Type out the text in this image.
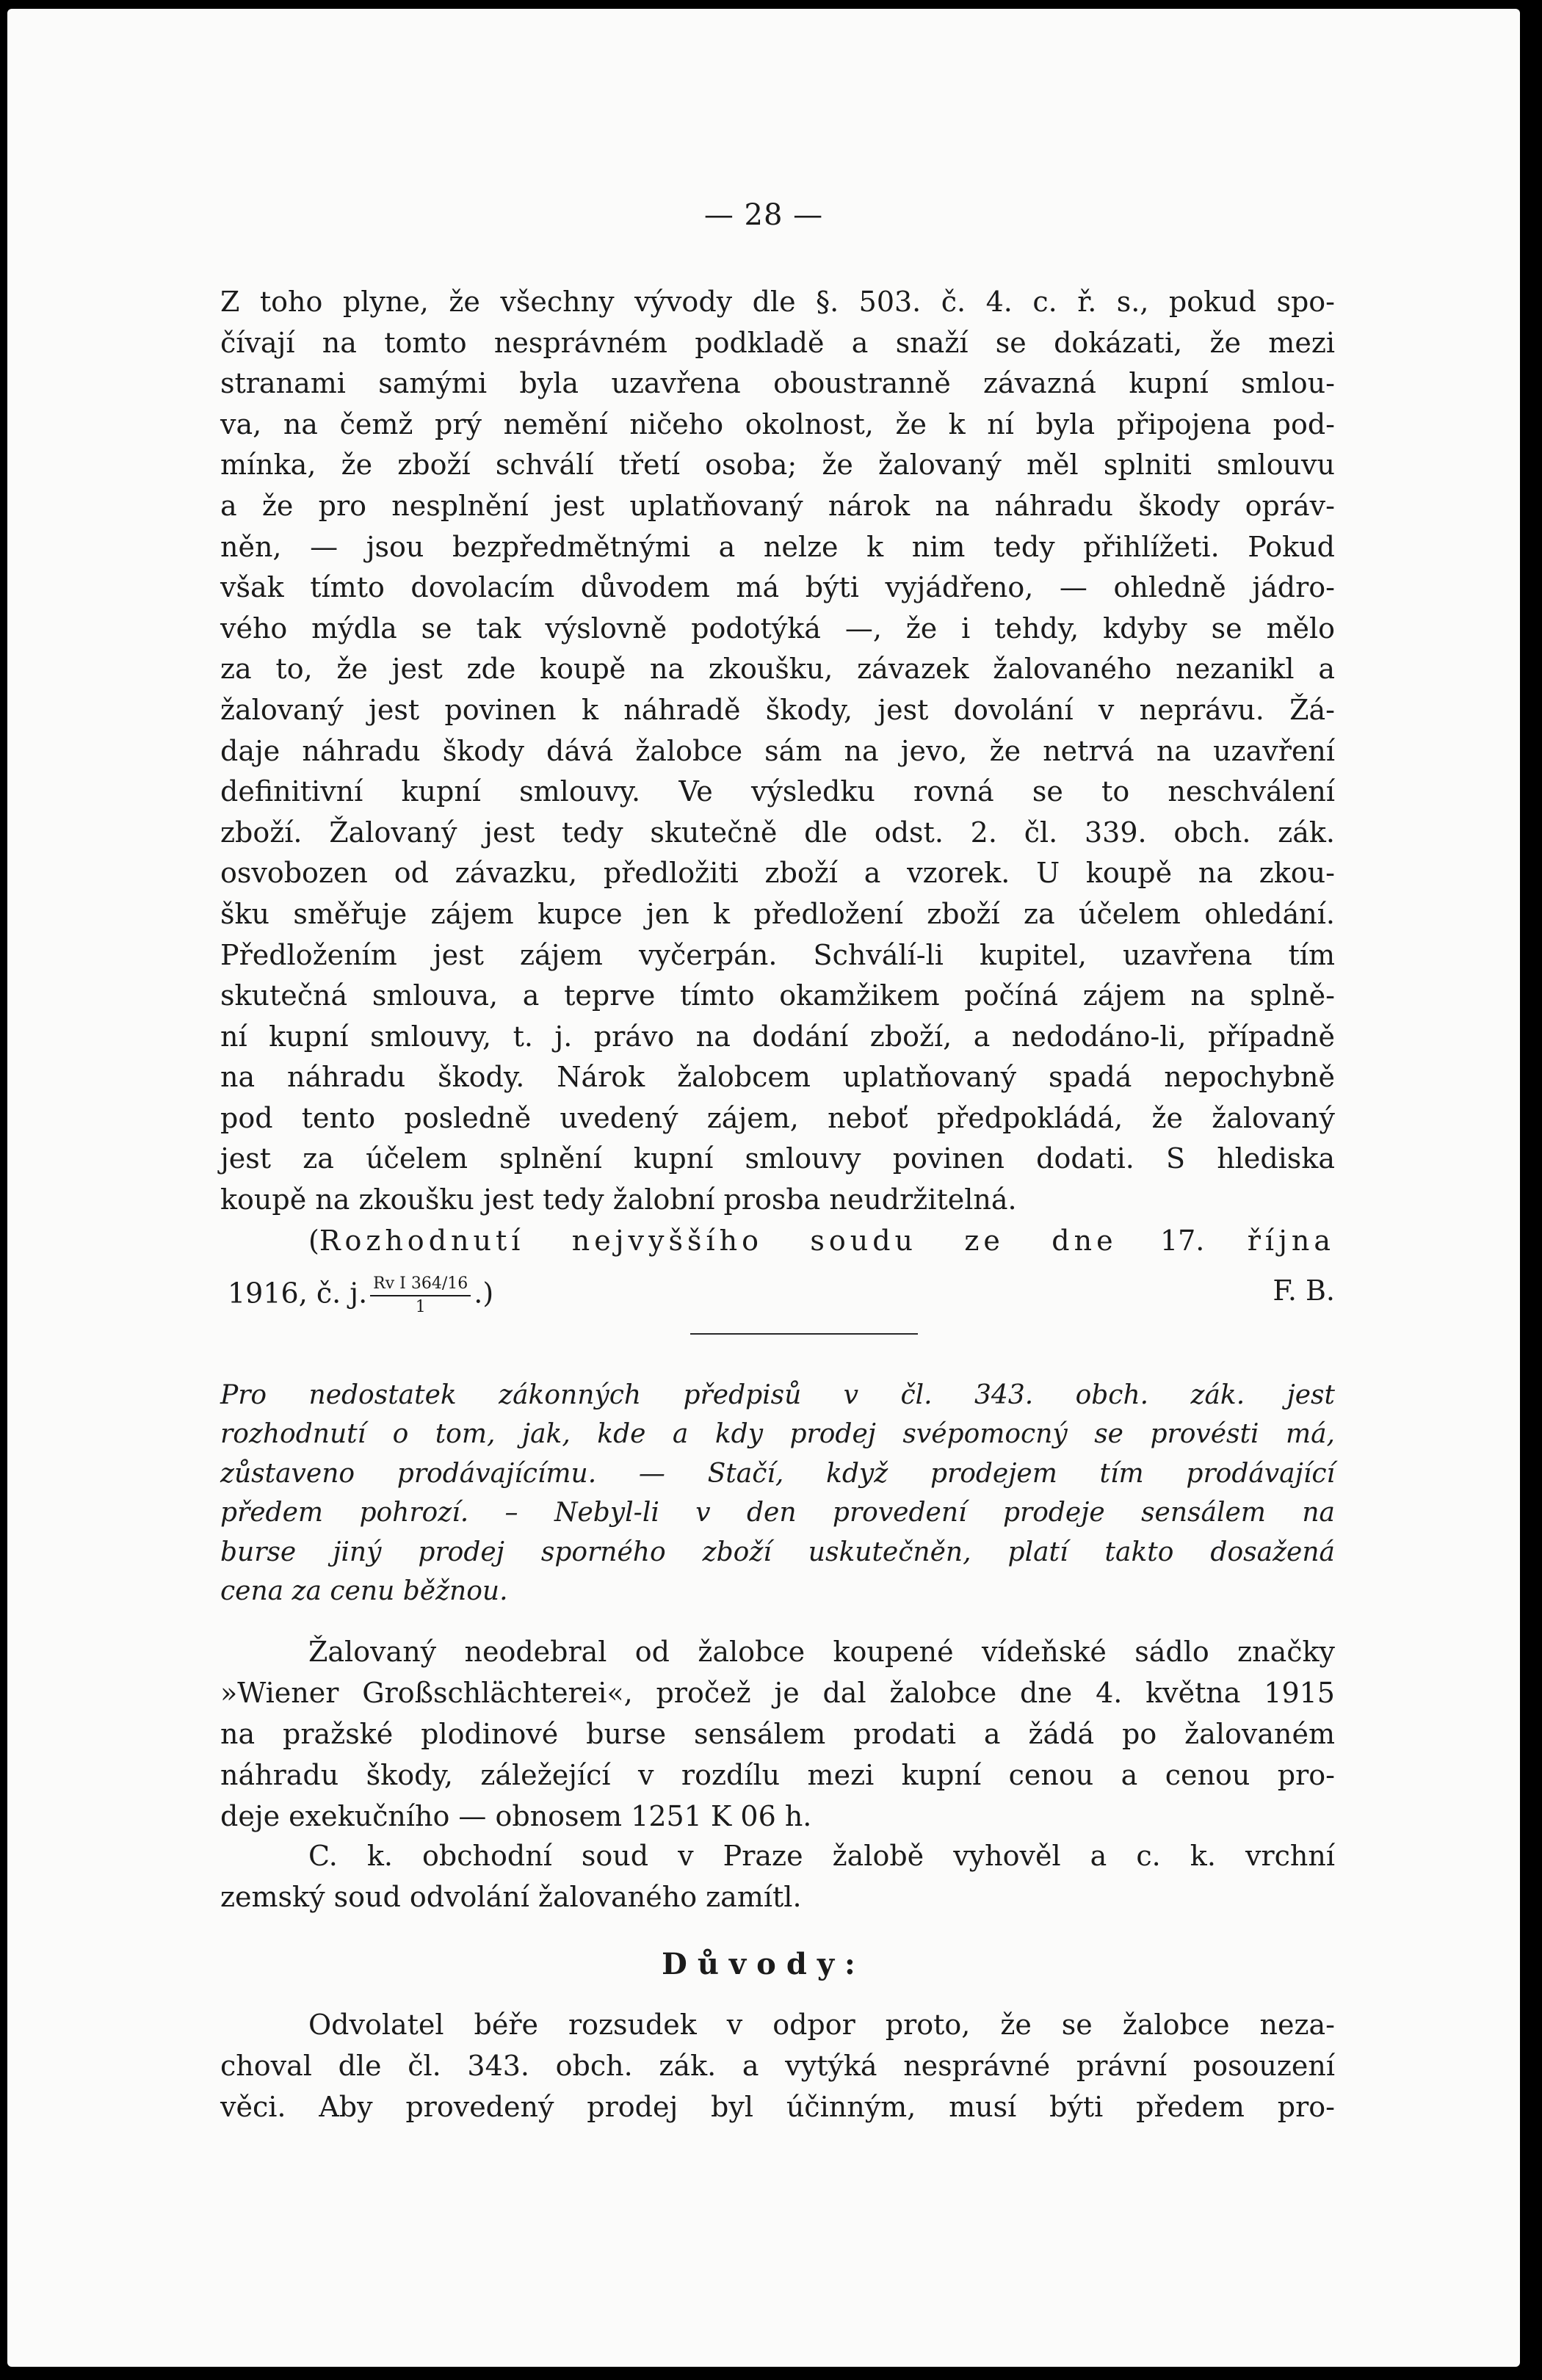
— 28 —
Z toho plyne, že všechny vývody dle §. 503. č. 4. c. ř. s., pokud spo-
čívají na tomto nesprávném podkladě a snaží se dokázati, že mezi
stranami samými byla uzavřena oboustranně závazná kupní smlou-
va, na čemž prý nemění ničeho okolnost, že k ní byla připojena pod-
mínka, že zboží schválí třetí osoba; že žalovaný měl splniti smlouvu
a že pro nesplnění jest uplatňovaný nárok na náhradu škody opráv-
něn, — jsou bezpředmětnými a nelze k nim tedy přihlížeti. Pokud
však tímto dovolacím důvodem má býti vyjádřeno, — ohledně jádro-
vého mýdla se tak výslovně podotýká —, že i tehdy, kdyby se mělo
za to, že jest zde koupě na zkoušku, závazek žalovaného nezanikl a
žalovaný jest povinen k náhradě škody, jest dovolání v neprávu. Žá-
daje náhradu škody dává žalobce sám na jevo, že netrvá na uzavření
definitivní kupní smlouvy. Ve výsledku rovná se to neschválení
zboží. Žalovaný jest tedy skutečně dle odst. 2. čl. 339. obch. zák.
osvobozen od závazku, předložiti zboží a vzorek. U koupě na zkou-
šku směřuje zájem kupce jen k předložení zboží za účelem ohledání.
Předložením jest zájem vyčerpán. Schválí-li kupitel, uzavřena tím
skutečná smlouva, a teprve tímto okamžikem počíná zájem na splně-
ní kupní smlouvy, t. j. právo na dodání zboží, a nedodáno-li, případně
na náhradu škody. Nárok žalobcem uplatňovaný spadá nepochybně
pod tento posledně uvedený zájem, neboť předpokládá, že žalovaný
jest za účelem splnění kupní smlouvy povinen dodati. S hlediska
koupě na zkoušku jest tedy žalobní prosba neudržitelná.
(Rozhodnutí nejvyššího soudu ze dne 17. října
1916, č. j. $\frac{\text{Rv I 364/16}}{1}$ .)	F. B.
Pro nedostatek zákonných předpisů v čl. 343. obch. zák. jest
rozhodnutí o tom, jak, kde a kdy prodej svépomocný se provésti má,
zůstaveno prodávajícímu. — Stačí, když prodejem tím prodávající
předem pohrozí. – Nebyl-li v den provedení prodeje sensálem na
burse jiný prodej sporného zboží uskutečněn, platí takto dosažená
cena za cenu běžnou.
Žalovaný neodebral od žalobce koupené vídeňské sádlo značky
»Wiener Großschlächterei«, pročež je dal žalobce dne 4. května 1915
na pražské plodinové burse sensálem prodati a žádá po žalovaném
náhradu škody, záležející v rozdílu mezi kupní cenou a cenou pro-
deje exekučního — obnosem 1251 K 06 h.
C. k. obchodní soud v Praze žalobě vyhověl a c. k. vrchní
zemský soud odvolání žalovaného zamítl.
Důvody:
Odvolatel béře rozsudek v odpor proto, že se žalobce neza-
choval dle čl. 343. obch. zák. a vytýká nesprávné právní posouzení
věci. Aby provedený prodej byl účinným, musí býti předem pro-
